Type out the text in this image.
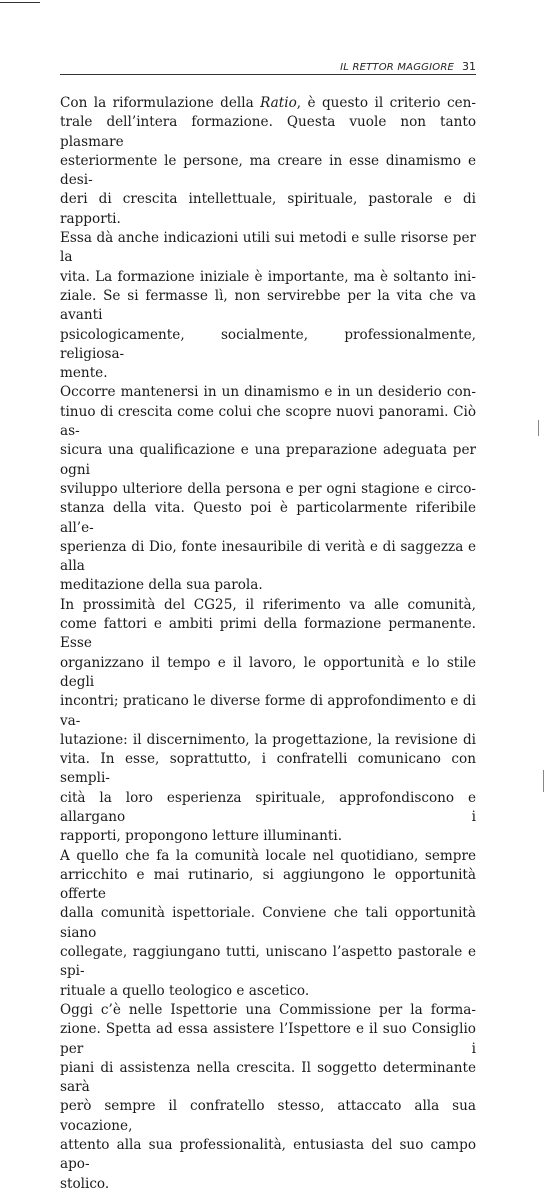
IL RETTOR MAGGIORE 31

Con la riformulazione della Ratio, è questo il criterio cen-
trale dell’intera formazione. Questa vuole non tanto plasmare
esteriormente le persone, ma creare in esse dinamismo e desi-
deri di crescita intellettuale, spirituale, pastorale e di rapporti.
Essa dà anche indicazioni utili sui metodi e sulle risorse per la
vita. La formazione iniziale è importante, ma è soltanto ini-
ziale. Se si fermasse lì, non servirebbe per la vita che va avanti
psicologicamente, socialmente, professionalmente, religiosa-
mente.

Occorre mantenersi in un dinamismo e in un desiderio con-
tinuo di crescita come colui che scopre nuovi panorami. Ciò as-
sicura una qualificazione e una preparazione adeguata per ogni
sviluppo ulteriore della persona e per ogni stagione e circo-
stanza della vita. Questo poi è particolarmente riferibile all’e-
sperienza di Dio, fonte inesauribile di verità e di saggezza e alla
meditazione della sua parola.

In prossimità del CG25, il riferimento va alle comunità,
come fattori e ambiti primi della formazione permanente. Esse
organizzano il tempo e il lavoro, le opportunità e lo stile degli
incontri; praticano le diverse forme di approfondimento e di va-
lutazione: il discernimento, la progettazione, la revisione di
vita. In esse, soprattutto, i confratelli comunicano con sempli-
cità la loro esperienza spirituale, approfondiscono e allargano i
rapporti, propongono letture illuminanti.

A quello che fa la comunità locale nel quotidiano, sempre
arricchito e mai rutinario, si aggiungono le opportunità offerte
dalla comunità ispettoriale. Conviene che tali opportunità siano
collegate, raggiungano tutti, uniscano l’aspetto pastorale e spi-
rituale a quello teologico e ascetico.

Oggi c’è nelle Ispettorie una Commissione per la forma-
zione. Spetta ad essa assistere l’Ispettore e il suo Consiglio per i
piani di assistenza nella crescita. Il soggetto determinante sarà
però sempre il confratello stesso, attaccato alla sua vocazione,
attento alla sua professionalità, entusiasta del suo campo apo-
stolico.
